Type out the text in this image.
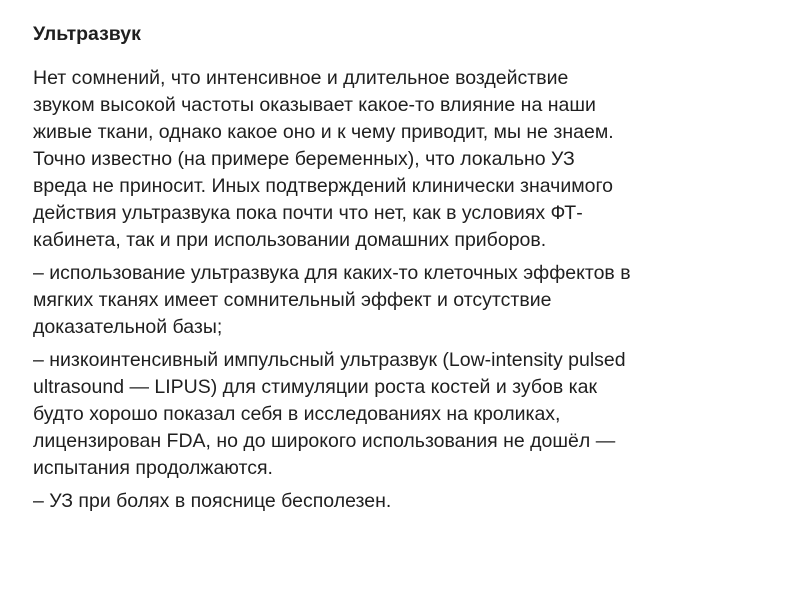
Ультразвук

Нет сомнений, что интенсивное и длительное воздействие
звуком высокой частоты оказывает какое-то влияние на наши
живые ткани, однако какое оно и к чему приводит, мы не знаем.
Точно известно (на примере беременных), что локально УЗ
вреда не приносит. Иных подтверждений клинически значимого
действия ультразвука пока почти что нет, как в условиях ФТ-
кабинета, так и при использовании домашних приборов.

– использование ультразвука для каких-то клеточных эффектов в
мягких тканях имеет сомнительный эффект и отсутствие
доказательной базы;

– низкоинтенсивный импульсный ультразвук (Low-intensity pulsed
ultrasound — LIPUS) для стимуляции роста костей и зубов как
будто хорошо показал себя в исследованиях на кроликах,
лицензирован FDA, но до широкого использования не дошёл —
испытания продолжаются.

– УЗ при болях в пояснице бесполезен.
